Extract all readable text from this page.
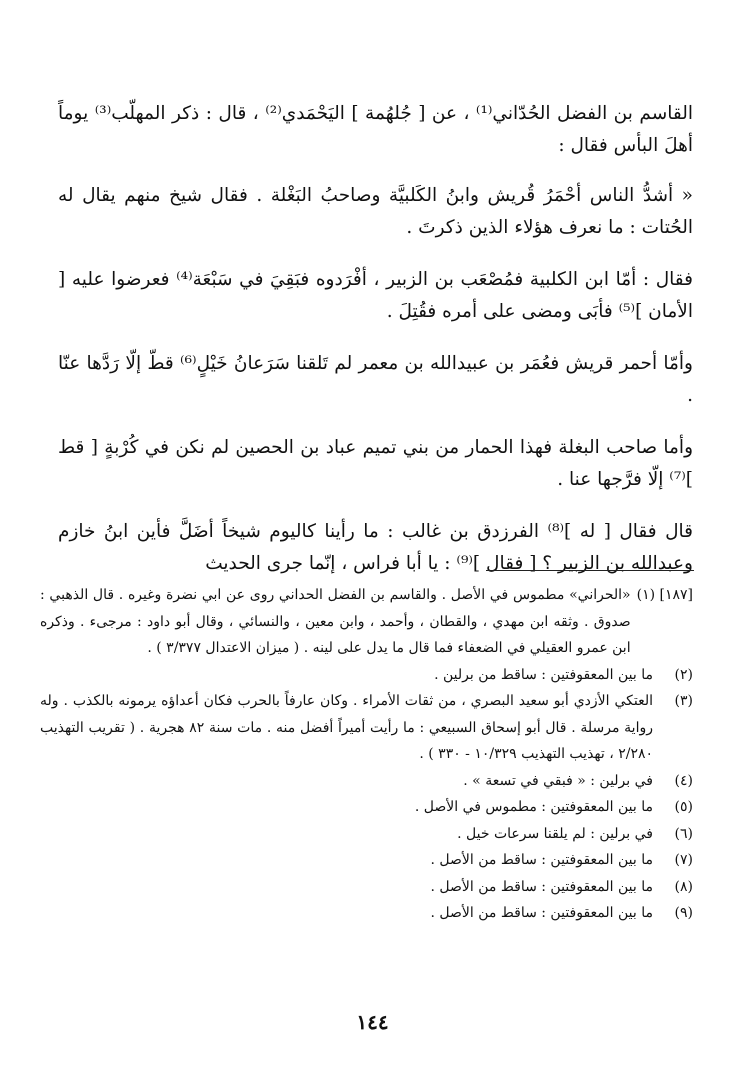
القاسم بن الفضل الحُدّاني⁽¹⁾ ، عن [ جُلهُمة ] اليَحْمَدي⁽²⁾ ، قال : ذكر المهلّب⁽³⁾ يوماً أهلَ البأس فقال :

« أشدُّ الناس أحْمَرُ قُريش وابنُ الكَلبيَّة وصاحبُ البَغْلة . فقال شيخ منهم يقال له الحُتات : ما نعرف هؤلاء الذين ذكرتَ .

فقال : أمّا ابن الكلبية فمُصْعَب بن الزبير ، أفْرَدوه فبَقِيَ في سَبْعَة⁽⁴⁾ فعرضوا عليه [ الأمان ]⁽⁵⁾ فأبَى ومضى على أمره فقُتِلَ .

وأمّا أحمر قريش فعُمَر بن عبيدالله بن معمر لم تَلقنا سَرَعانُ خَيْلٍ⁽⁶⁾ قطّ إلّا رَدَّها عنّا .

وأما صاحب البغلة فهذا الحمار من بني تميم عباد بن الحصين لم نكن في كُرْبةٍ [ قط ]⁽⁷⁾ إلّا فرَّجها عنا .

قال فقال [ له ]⁽⁸⁾ الفرزدق بن غالب : ما رأينا كاليوم شيخاً أضَلَّ فأين ابنُ خازم وعبدالله بن الزبير ؟ [ فقال ]⁽⁹⁾ : يا أبا فراس ، إنّما جرى الحديث

[١٨٧] (١)
«الحراني» مطموس في الأصل . والقاسم بن الفضل الحداني روى عن ابي نضرة وغيره . قال الذهبي : صدوق . وثقه ابن مهدي ، والقطان ، وأحمد ، وابن معين ، والنسائي ، وقال أبو داود : مرجىء . وذكره ابن عمرو العقيلي في الضعفاء فما قال ما يدل على لينه . ( ميزان الاعتدال ٣/٣٧٧ ) .
(٢)
ما بين المعقوفتين : ساقط من برلين .
(٣)
العتكي الأزدي أبو سعيد البصري ، من ثقات الأمراء . وكان عارفاً بالحرب فكان أعداؤه يرمونه بالكذب . وله رواية مرسلة . قال أبو إسحاق السبيعي : ما رأيت أميراً أفضل منه . مات سنة ٨٢ هجرية . ( تقريب التهذيب ٢/٢٨٠ ، تهذيب التهذيب ١٠/٣٢٩ - ٣٣٠ ) .
(٤)
في برلين : « فبقي في تسعة » .
(٥)
ما بين المعقوفتين : مطموس في الأصل .
(٦)
في برلين : لم يلقنا سرعات خيل .
(٧)
ما بين المعقوفتين : ساقط من الأصل .
(٨)
ما بين المعقوفتين : ساقط من الأصل .
(٩)
ما بين المعقوفتين : ساقط من الأصل .
١٤٤
